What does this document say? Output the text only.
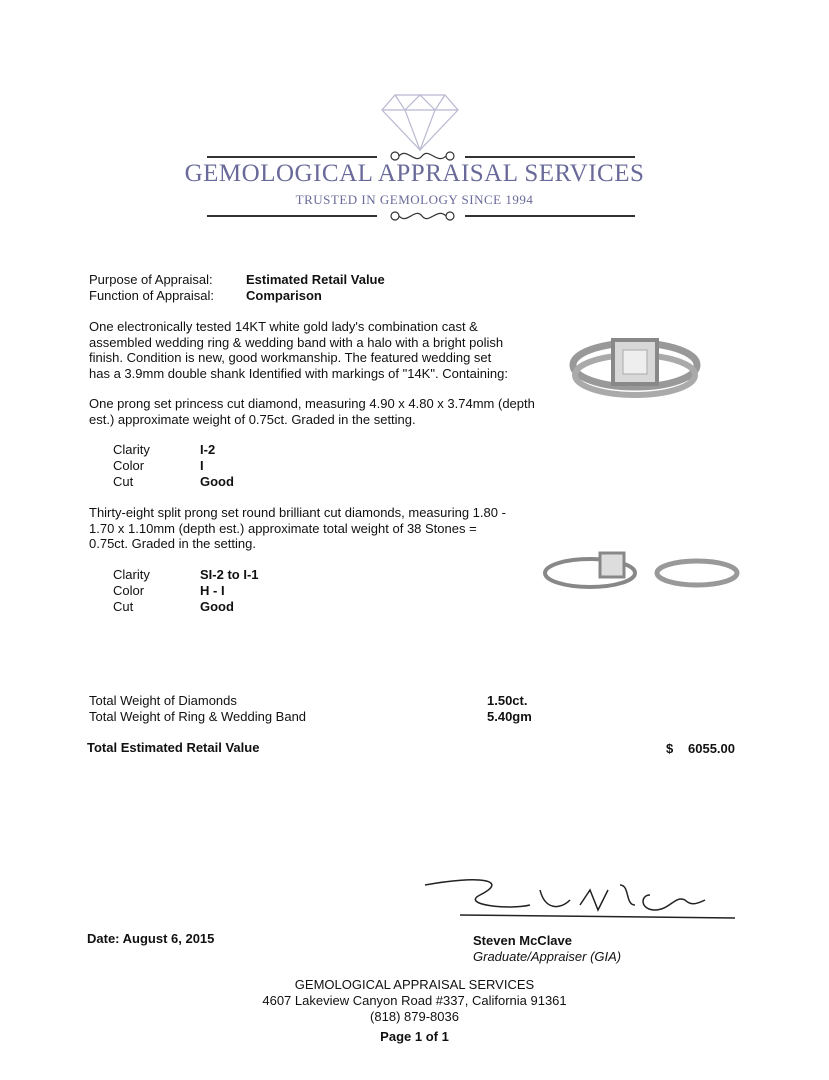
GEMOLOGICAL APPRAISAL SERVICES
TRUSTED IN GEMOLOGY SINCE 1994
Purpose of Appraisal:	Estimated Retail Value
Function of Appraisal:	Comparison
One electronically tested 14KT white gold lady's combination cast & assembled wedding ring & wedding band with a halo with a bright polish finish. Condition is new, good workmanship. The featured wedding set has a 3.9mm double shank Identified with markings of "14K". Containing:
One prong set princess cut diamond, measuring 4.90 x 4.80 x 3.74mm (depth est.) approximate weight of 0.75ct. Graded in the setting.
Clarity	I-2
Color	I
Cut	Good
Thirty-eight split prong set round brilliant cut diamonds, measuring 1.80 - 1.70 x 1.10mm (depth est.) approximate total weight of 38 Stones = 0.75ct. Graded in the setting.
Clarity	SI-2 to I-1
Color	H - I
Cut	Good
Total Weight of Diamonds	1.50ct.
Total Weight of Ring & Wedding Band	5.40gm
Total Estimated Retail Value	$ 6055.00
Date: August 6, 2015	Steven McClave
Graduate/Appraiser (GIA)
GEMOLOGICAL APPRAISAL SERVICES
4607 Lakeview Canyon Road #337, California 91361
(818) 879-8036
Page 1 of 1
